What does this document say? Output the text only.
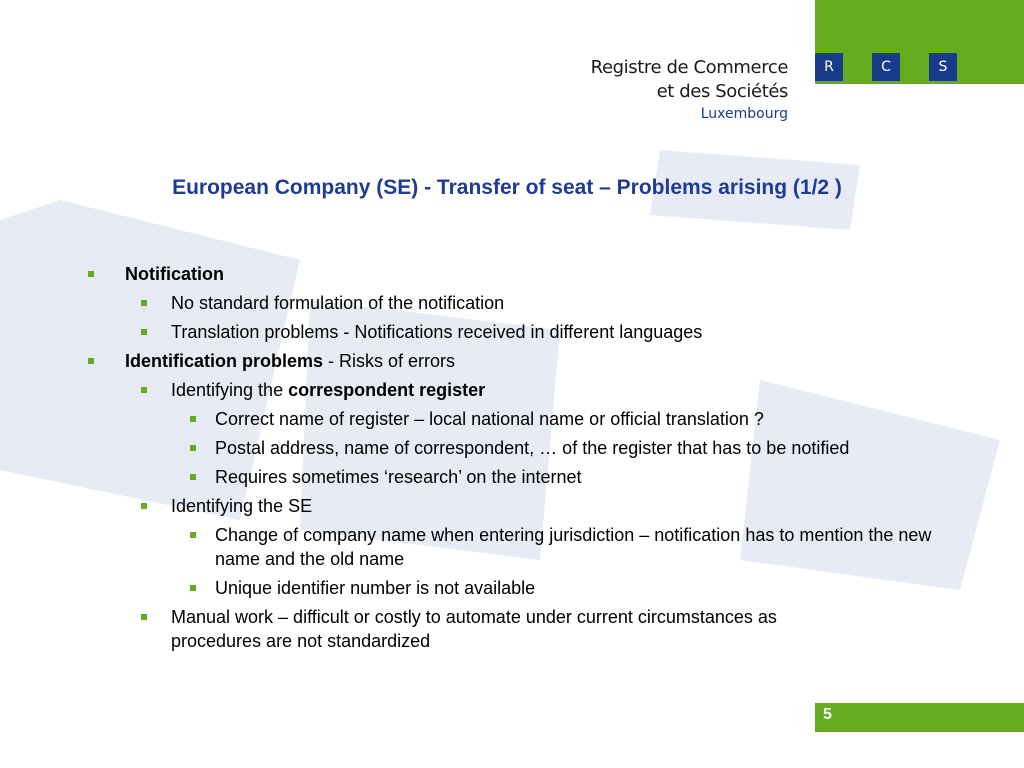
R	C	S
Registre de Commerce
et des Sociétés
Luxembourg
European Company (SE) - Transfer of seat – Problems arising (1/2 )
Notification
No standard formulation of the notification
Translation problems - Notifications received in different languages
Identification problems - Risks of errors
Identifying the correspondent register
Correct name of register – local national name or official translation ?
Postal address, name of correspondent, … of the register that has to be notified
Requires sometimes ‘research’ on the internet
Identifying the SE
Change of company name when entering jurisdiction – notification has to mention the new name and the old name
Unique identifier number is not available
Manual work – difficult or costly to automate under current circumstances as procedures are not standardized
5
